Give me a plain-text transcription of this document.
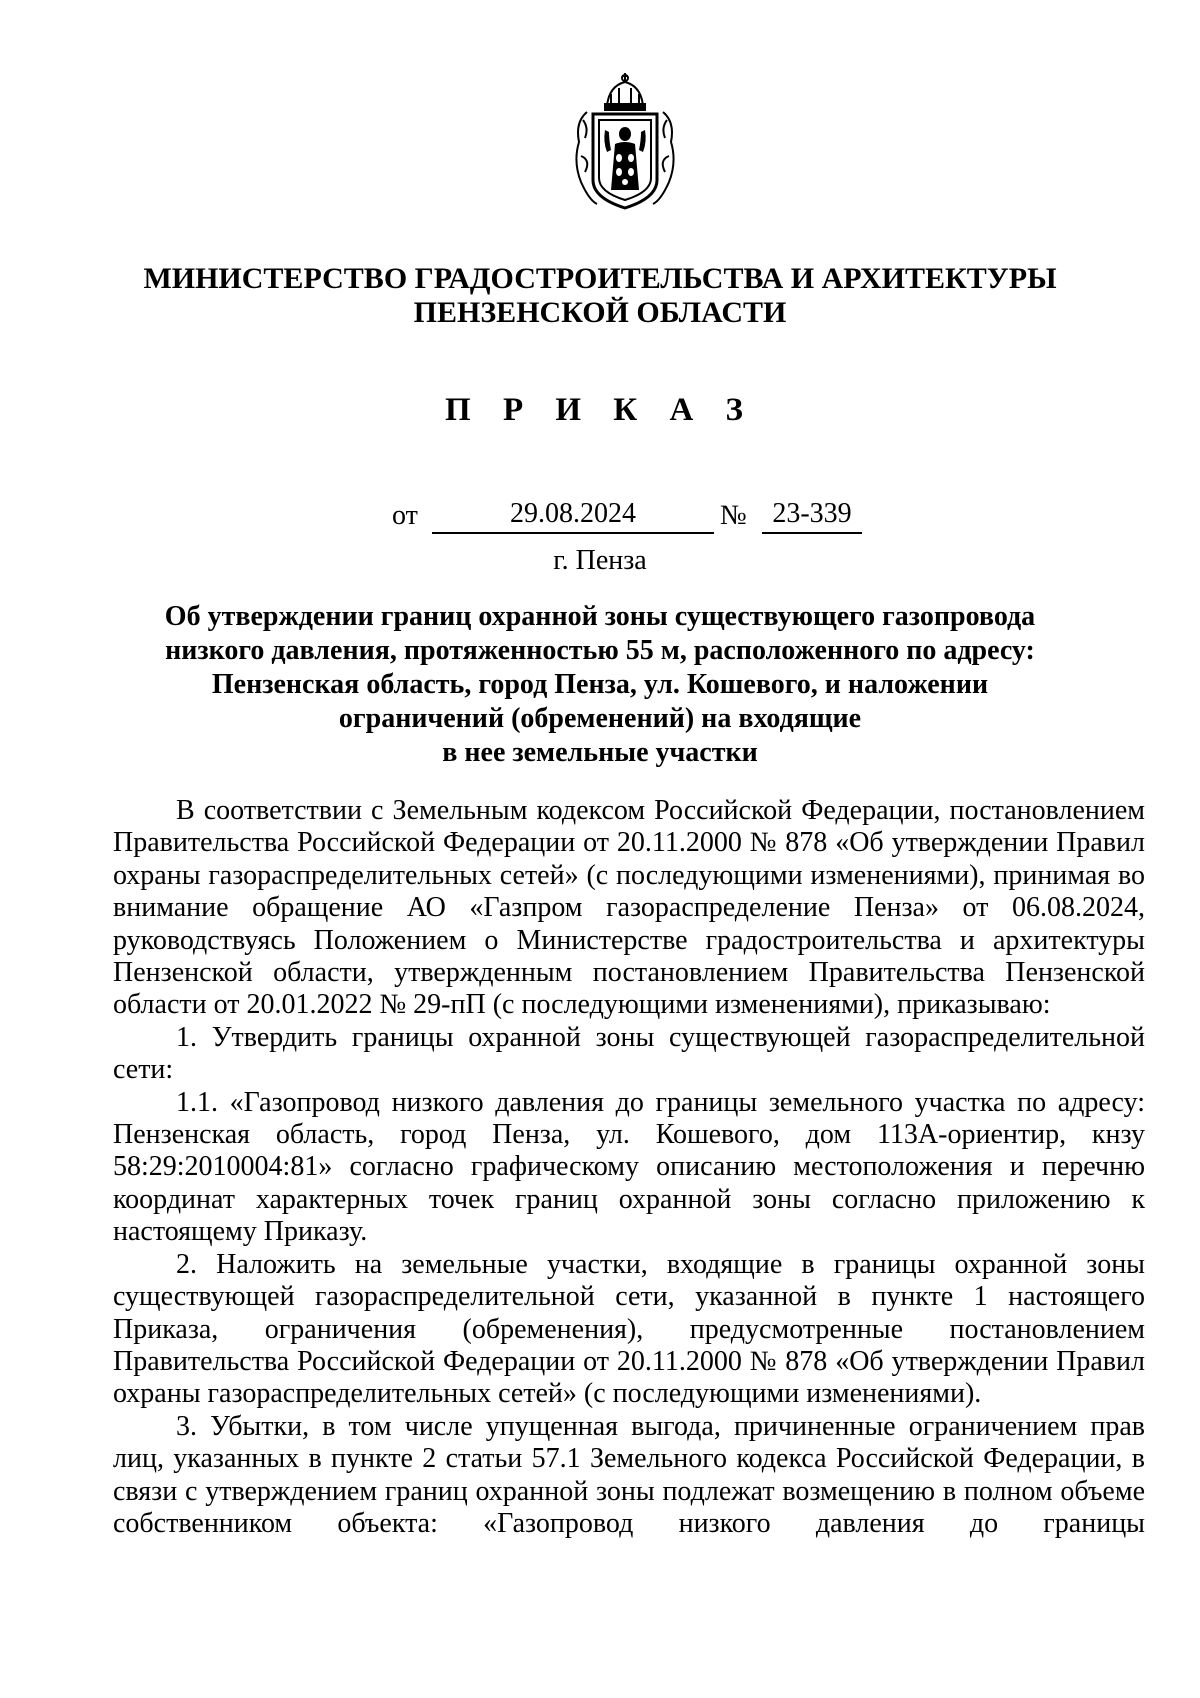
МИНИСТЕРСТВО ГРАДОСТРОИТЕЛЬСТВА И АРХИТЕКТУРЫ
ПЕНЗЕНСКОЙ ОБЛАСТИ
П Р И К А З
от	29.08.2024	№ 23-339
г. Пенза
Об утверждении границ охранной зоны существующего газопровода
низкого давления, протяженностью 55 м, расположенного по адресу:
Пензенская область, город Пенза, ул. Кошевого, и наложении
ограничений (обременений) на входящие
в нее земельные участки

В соответствии с Земельным кодексом Российской Федерации, постановлением Правительства Российской Федерации от 20.11.2000 № 878 «Об утверждении Правил охраны газораспределительных сетей» (с последующими изменениями), принимая во внимание обращение АО «Газпром газораспределение Пенза» от 06.08.2024, руководствуясь Положением о Министерстве градостроительства и архитектуры Пензенской области, утвержденным постановлением Правительства Пензенской области от 20.01.2022 № 29-пП (с последующими изменениями), приказываю:

1. Утвердить границы охранной зоны существующей газораспределительной сети:

1.1. «Газопровод низкого давления до границы земельного участка по адресу: Пензенская область, город Пенза, ул. Кошевого, дом 113А-ориентир, кнзу 58:29:2010004:81» согласно графическому описанию местоположения и перечню координат характерных точек границ охранной зоны согласно приложению к настоящему Приказу.

2. Наложить на земельные участки, входящие в границы охранной зоны существующей газораспределительной сети, указанной в пункте 1 настоящего Приказа, ограничения (обременения), предусмотренные постановлением Правительства Российской Федерации от 20.11.2000 № 878 «Об утверждении Правил охраны газораспределительных сетей» (с последующими изменениями).

3. Убытки, в том числе упущенная выгода, причиненные ограничением прав лиц, указанных в пункте 2 статьи 57.1 Земельного кодекса Российской Федерации, в связи с утверждением границ охранной зоны подлежат возмещению в полном объеме собственником объекта: «Газопровод низкого давления до границы
